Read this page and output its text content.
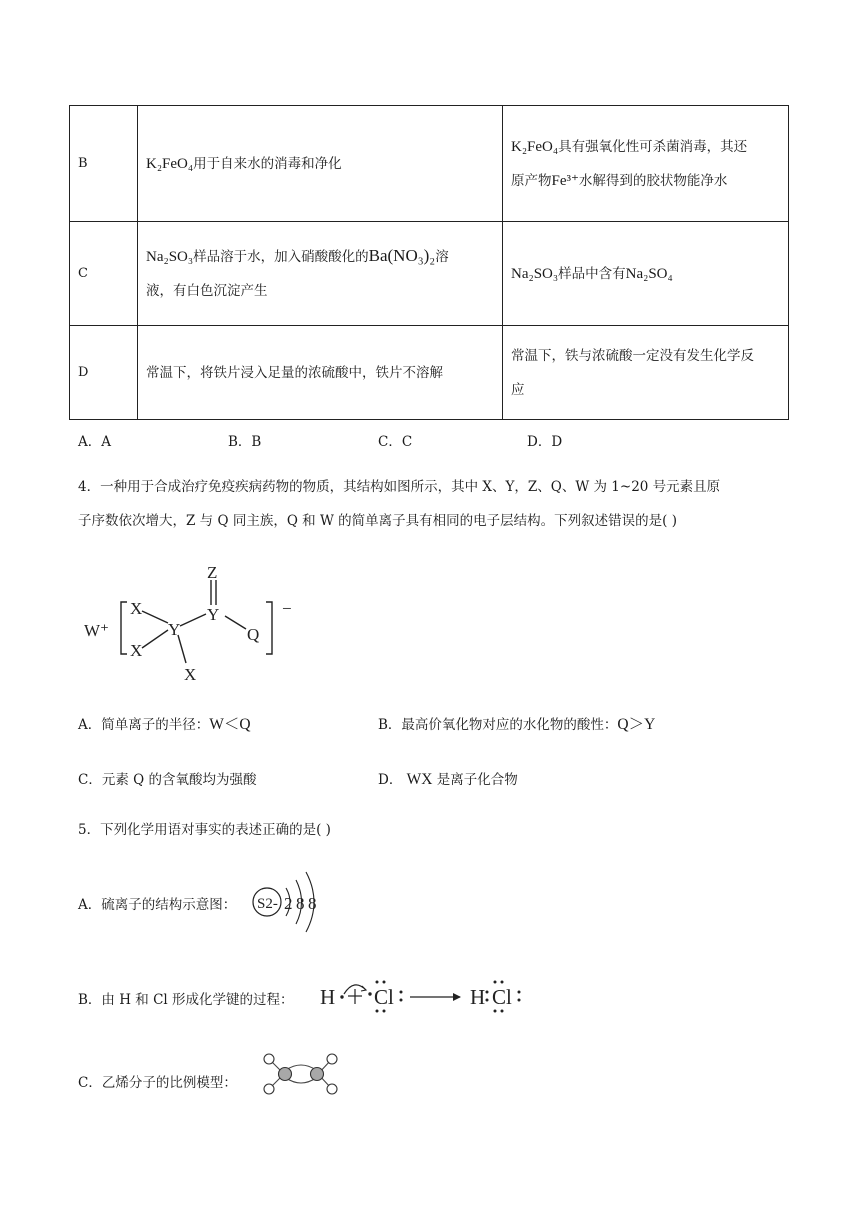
B	K₂FeO₄用于自来水的消毒和净化	K₂FeO₄具有强氧化性可杀菌消毒，其还
原产物Fe³⁺水解得到的胶状物能净水

C	Na₂SO₃样品溶于水，加入硝酸酸化的Ba(NO₃)₂溶
液，有白色沉淀产生	Na₂SO₃样品中含有Na₂SO₄
D	常温下，将铁片浸入足量的浓硫酸中，铁片不溶解	常温下，铁与浓硫酸一定没有发生化学反
应
A．A	B．B	C．C	D．D
4．一种用于合成治疗免疫疾病药物的物质，其结构如图所示，其中 X、Y，Z、Q、W 为 1~20 号元素且原
子序数依次增大，Z 与 Q 同主族，Q 和 W 的简单离子具有相同的电子层结构。下列叙述错误的是( )
W⁺
X
X
Y
X
Z
Y
Q
−
A．简单离子的半径：W＜Q	B．最高价氧化物对应的水化物的酸性：Q＞Y
C．元素 Q 的含氧酸均为强酸	D． WX 是离子化合物
5．下列化学用语对事实的表述正确的是( )
A．硫离子的结构示意图： S2- 2 8 8
B．由 H 和 Cl 形成化学键的过程： H Cl	H Cl
C．乙烯分子的比例模型：
